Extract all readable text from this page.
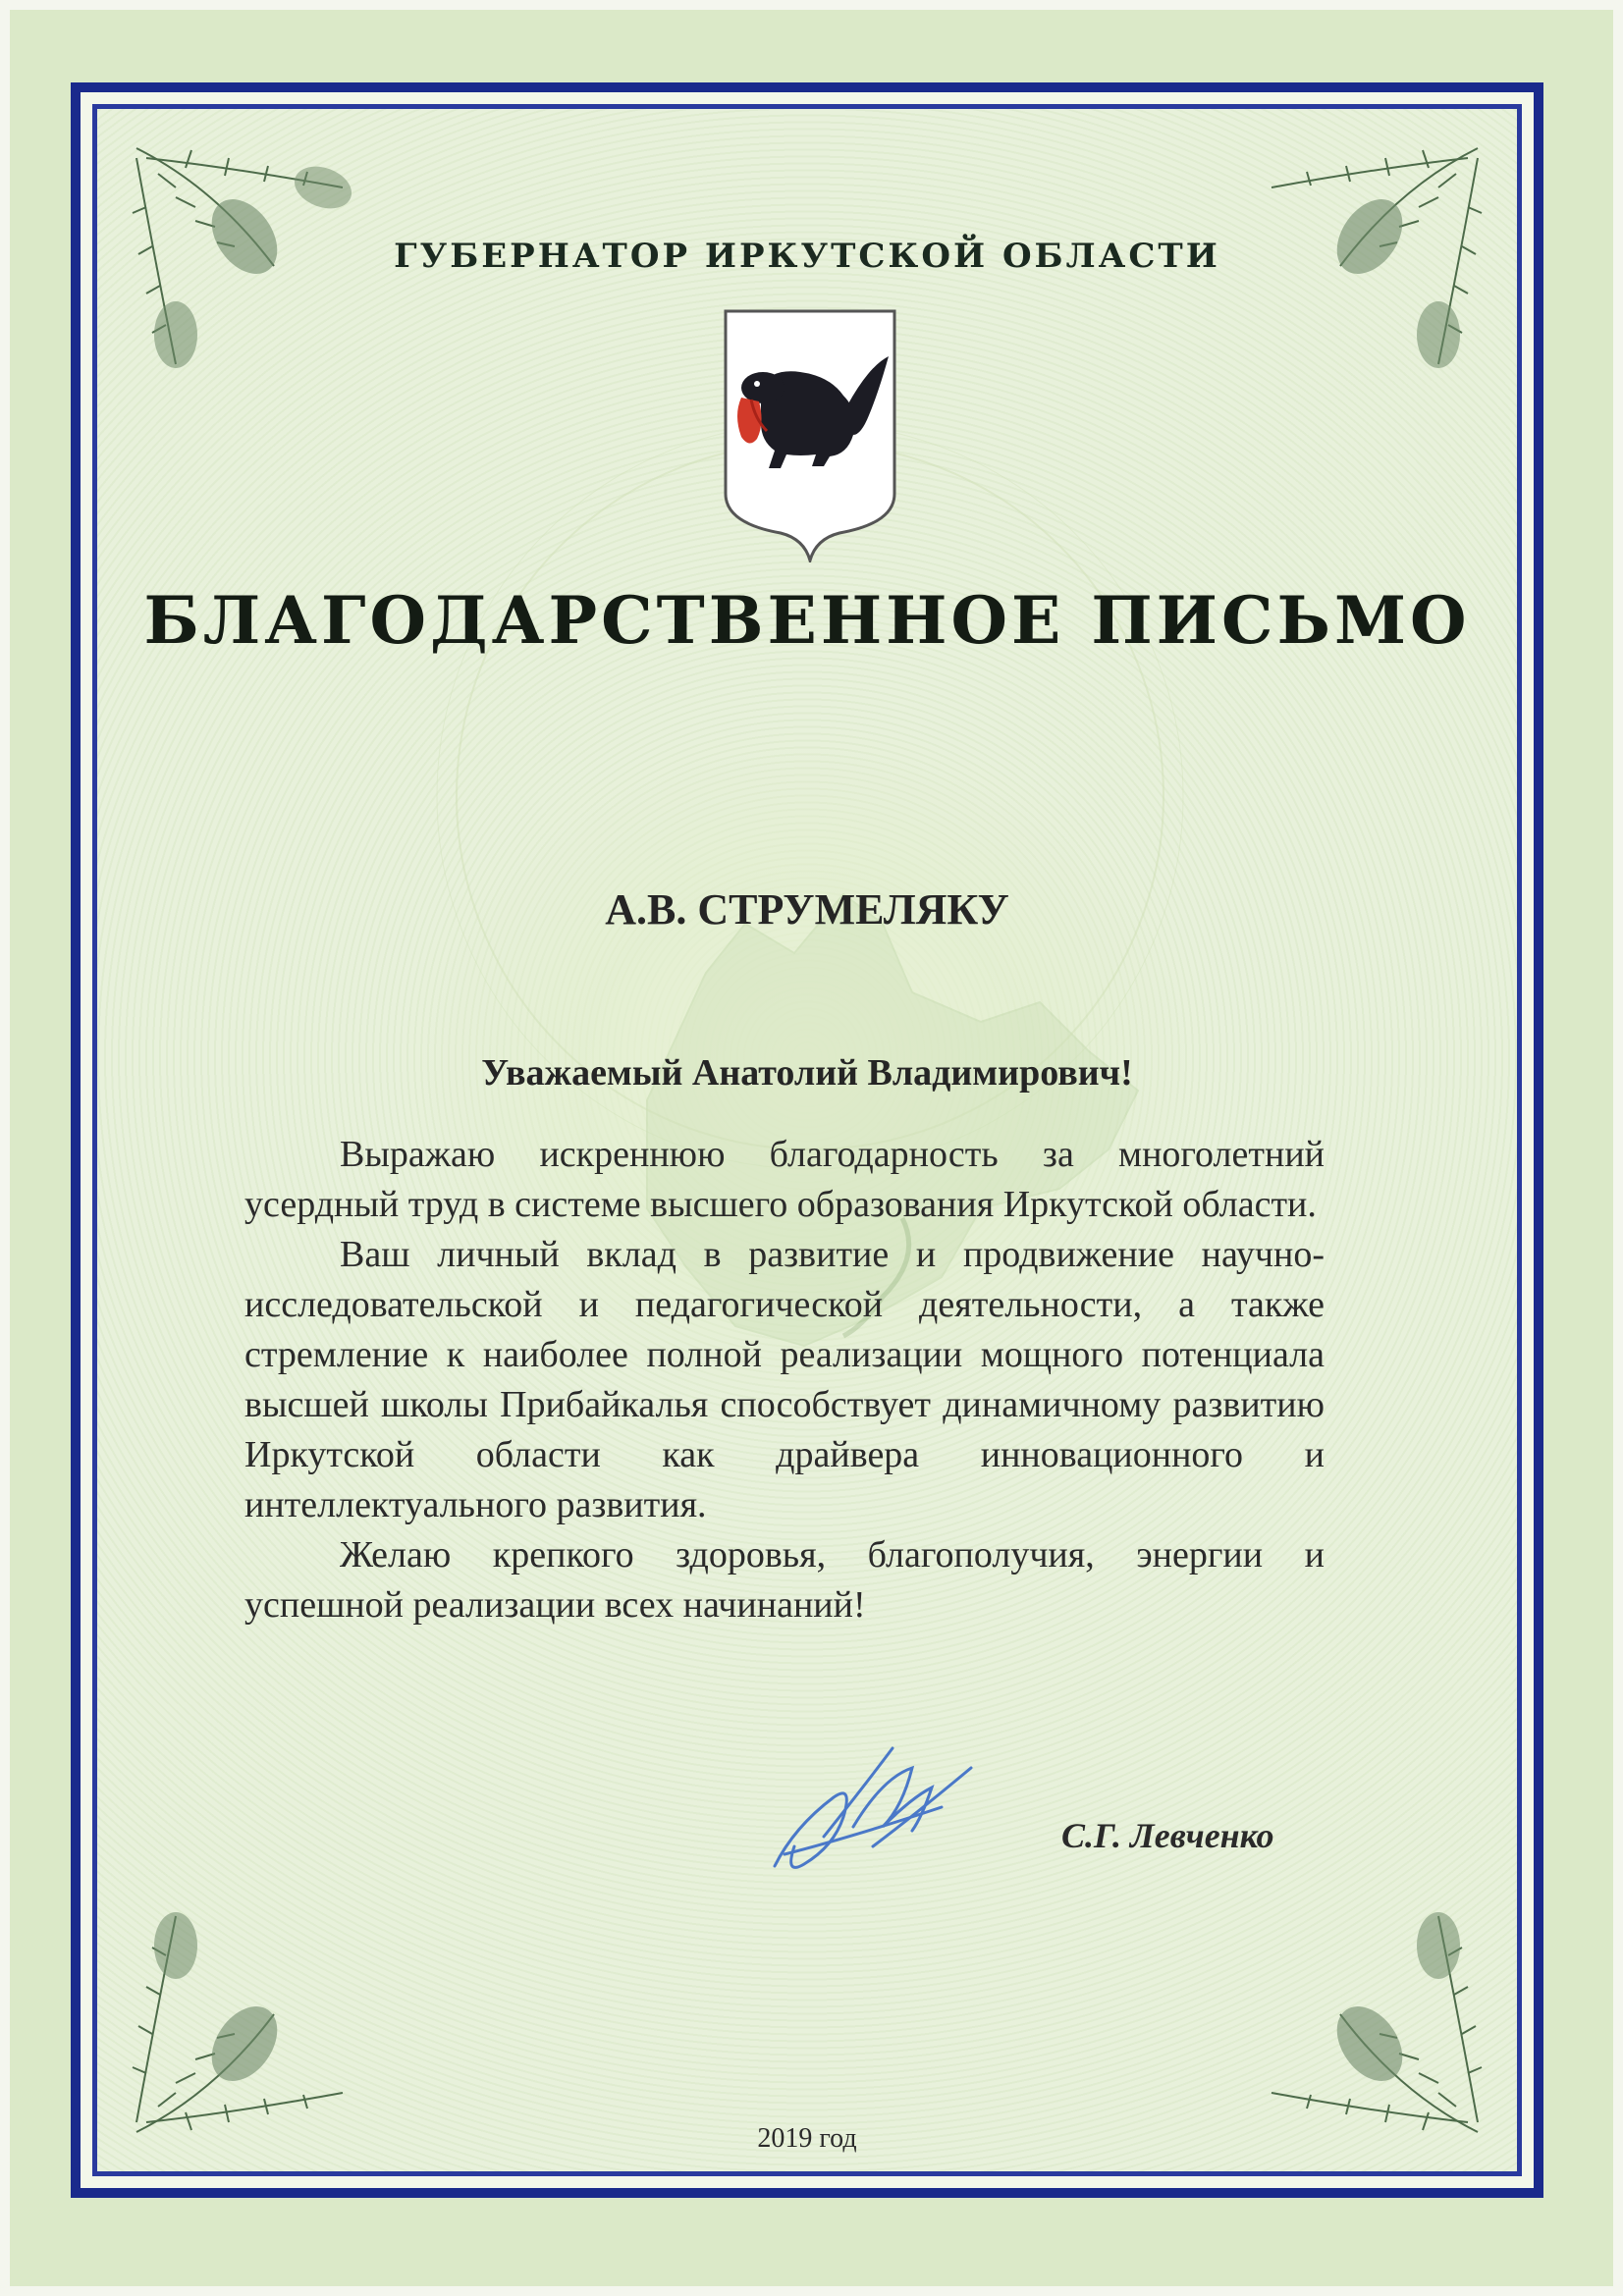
ГУБЕРНАТОР ИРКУТСКОЙ ОБЛАСТИ
БЛАГОДАРСТВЕННОЕ ПИСЬМО
А.В. СТРУМЕЛЯКУ
Уважаемый Анатолий Владимирович!

Выражаю искреннюю благодарность за многолетний усердный труд в системе высшего образования Иркутской области.

Ваш личный вклад в развитие и продвижение научно-исследовательской и педагогической деятельности, а также стремление к наиболее полной реализации мощного потенциала высшей школы Прибайкалья способствует динамичному развитию Иркутской области как драйвера инновационного и интеллектуального развития.

Желаю крепкого здоровья, благополучия, энергии и успешной реализации всех начинаний!

С.Г. Левченко
2019 год
